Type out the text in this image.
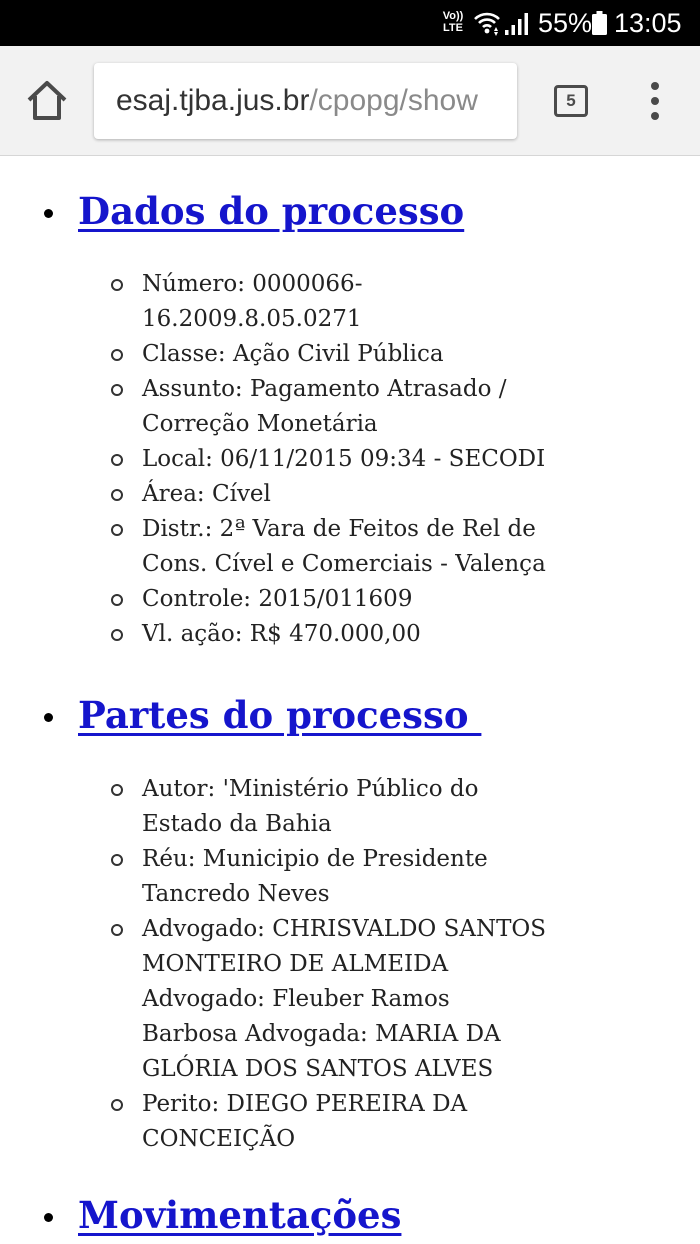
Vo)) LTE	55% 13:05
esaj.tjba.jus.br/cpopg/show	5
Dados do processo
Número: 0000066-16.2009.8.05.0271
Classe: Ação Civil Pública
Assunto: Pagamento Atrasado / Correção Monetária
Local: 06/11/2015 09:34 - SECODI
Área: Cível
Distr.: 2ª Vara de Feitos de Rel de Cons. Cível e Comerciais - Valença
Controle: 2015/011609
Vl. ação: R$ 470.000,00
Partes do processo
Autor: 'Ministério Público do Estado da Bahia
Réu: Municipio de Presidente Tancredo Neves
Advogado: CHRISVALDO SANTOS MONTEIRO DE ALMEIDA Advogado: Fleuber Ramos Barbosa Advogada: MARIA DA GLÓRIA DOS SANTOS ALVES
Perito: DIEGO PEREIRA DA CONCEIÇÃO
Movimentações
